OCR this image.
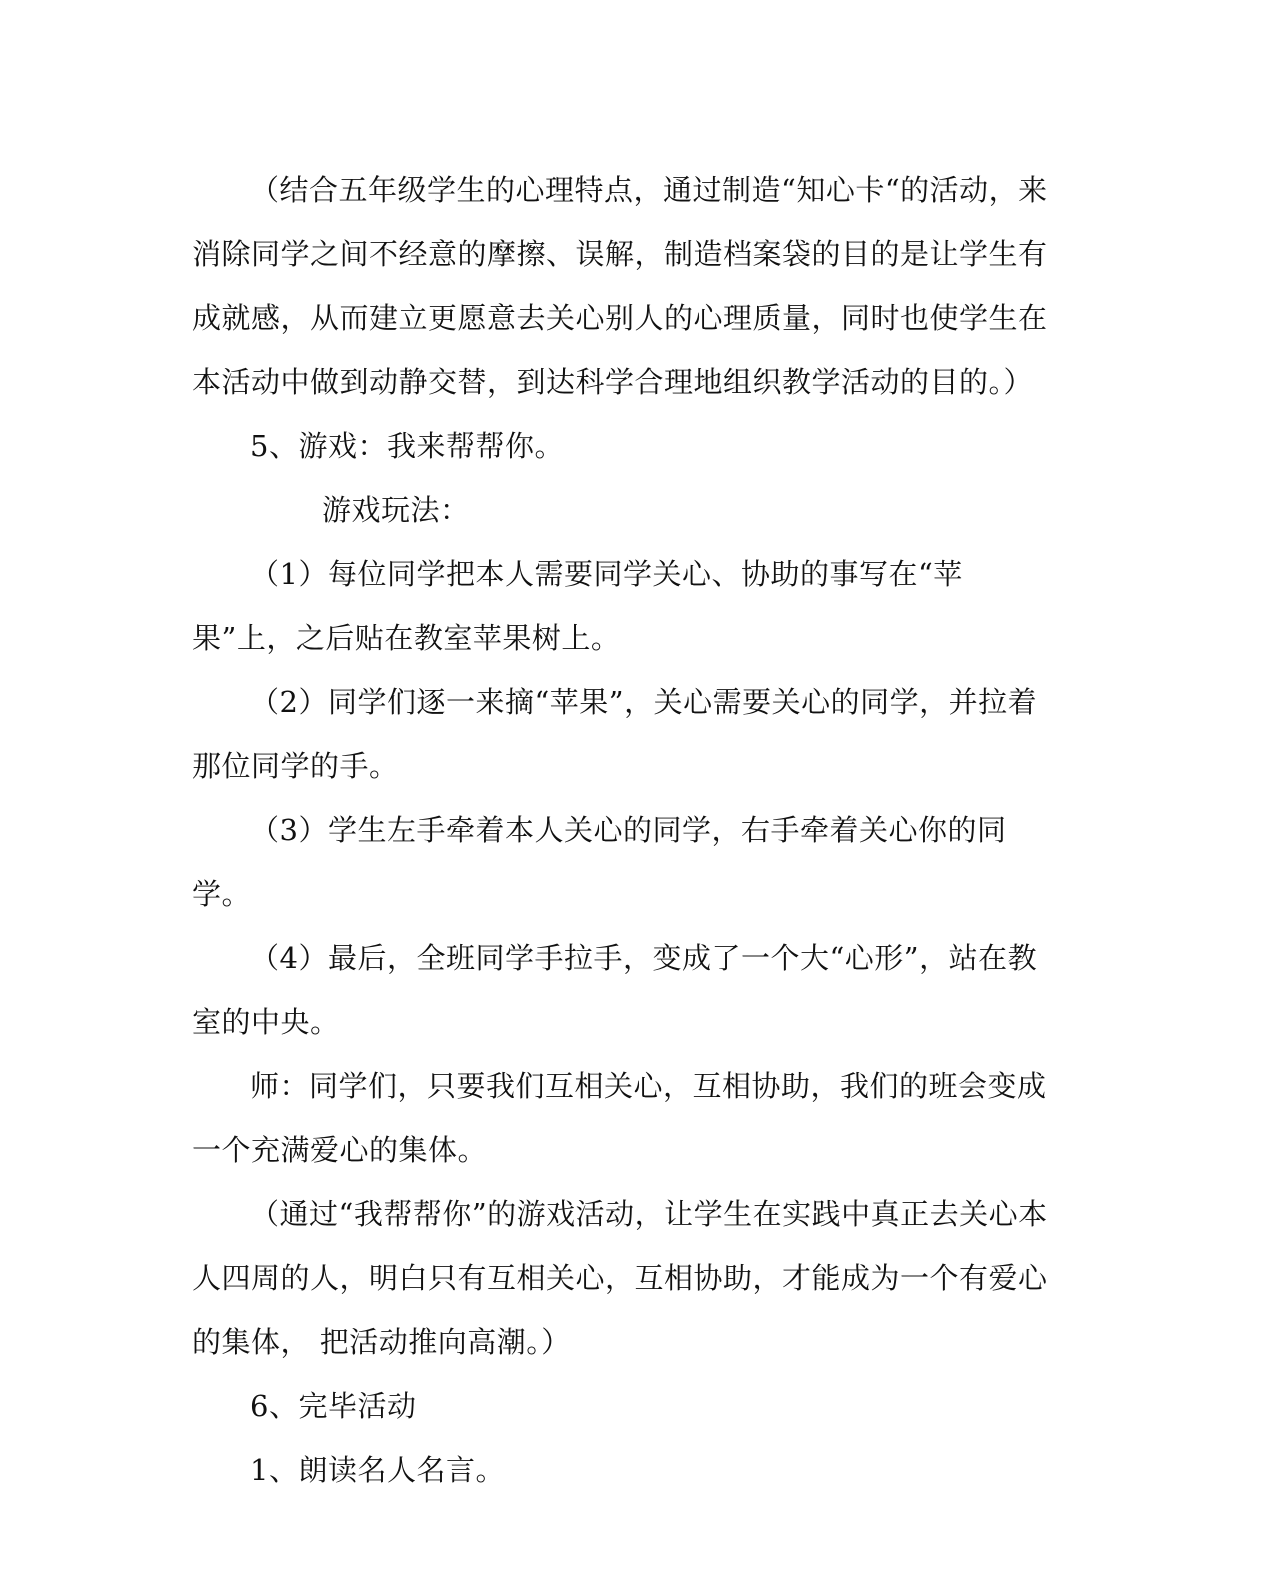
（结合五年级学生的心理特点，通过制造“知心卡“的活动，来消除同学之间不经意的摩擦、误解，制造档案袋的目的是让学生有成就感，从而建立更愿意去关心别人的心理质量，同时也使学生在本活动中做到动静交替，到达科学合理地组织教学活动的目的。）

5、游戏：我来帮帮你。

游戏玩法：

（1）每位同学把本人需要同学关心、协助的事写在“苹果”上，之后贴在教室苹果树上。

（2）同学们逐一来摘“苹果”，关心需要关心的同学，并拉着那位同学的手。

（3）学生左手牵着本人关心的同学，右手牵着关心你的同学。

（4）最后，全班同学手拉手，变成了一个大“心形”，站在教室的中央。

师：同学们，只要我们互相关心，互相协助，我们的班会变成一个充满爱心的集体。

（通过“我帮帮你”的游戏活动，让学生在实践中真正去关心本人四周的人，明白只有互相关心，互相协助，才能成为一个有爱心的集体， 把活动推向高潮。）

6、完毕活动

1、朗读名人名言。
